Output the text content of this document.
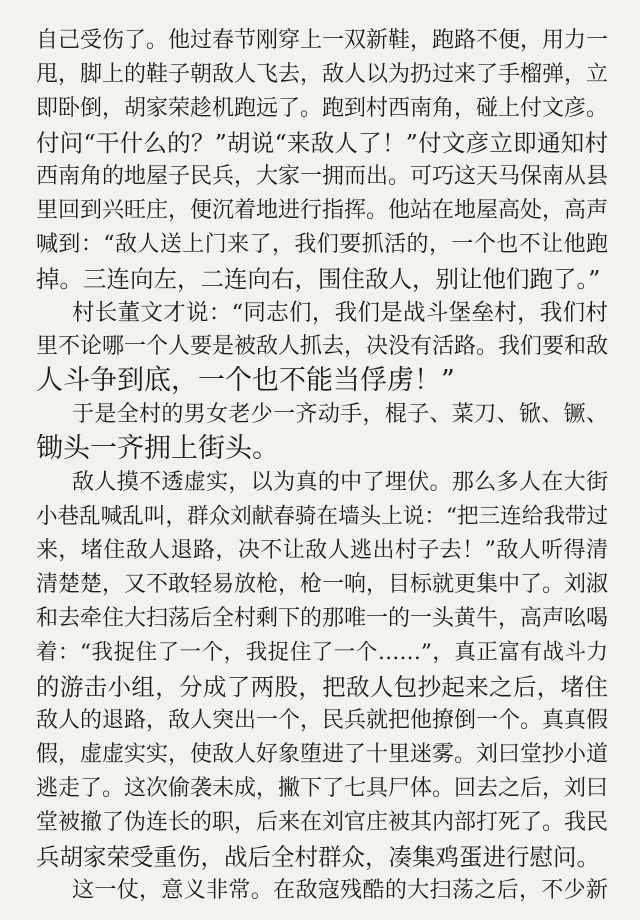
自己受伤了。他过春节刚穿上一双新鞋，跑路不便，用力一
甩，脚上的鞋子朝敌人飞去，敌人以为扔过来了手榴弹，立
即卧倒，胡家荣趁机跑远了。跑到村西南角，碰上付文彦。
付问“干什么的？”胡说“来敌人了！”付文彦立即通知村
西南角的地屋子民兵，大家一拥而出。可巧这天马保南从县
里回到兴旺庄，便沉着地进行指挥。他站在地屋高处，高声
喊到：“敌人送上门来了，我们要抓活的，一个也不让他跑
掉。三连向左，二连向右，围住敌人，别让他们跑了。”
村长董文才说：“同志们，我们是战斗堡垒村，我们村
里不论哪一个人要是被敌人抓去，决没有活路。我们要和敌
人斗争到底，一个也不能当俘虏！”
于是全村的男女老少一齐动手，棍子、菜刀、锨、镢、
锄头一齐拥上街头。
敌人摸不透虚实，以为真的中了埋伏。那么多人在大街
小巷乱喊乱叫，群众刘献春骑在墙头上说：“把三连给我带过
来，堵住敌人退路，决不让敌人逃出村子去！”敌人听得清
清楚楚，又不敢轻易放枪，枪一响，目标就更集中了。刘淑
和去牵住大扫荡后全村剩下的那唯一的一头黄牛，高声吆喝
着：“我捉住了一个，我捉住了一个……”，真正富有战斗力
的游击小组，分成了两股，把敌人包抄起来之后，堵住
敌人的退路，敌人突出一个，民兵就把他撩倒一个。真真假
假，虚虚实实，使敌人好象堕进了十里迷雾。刘曰堂抄小道
逃走了。这次偷袭未成，撇下了七具尸体。回去之后，刘曰
堂被撤了伪连长的职，后来在刘官庄被其内部打死了。我民
兵胡家荣受重伤，战后全村群众，凑集鸡蛋进行慰问。
这一仗，意义非常。在敌寇残酷的大扫荡之后，不少新
